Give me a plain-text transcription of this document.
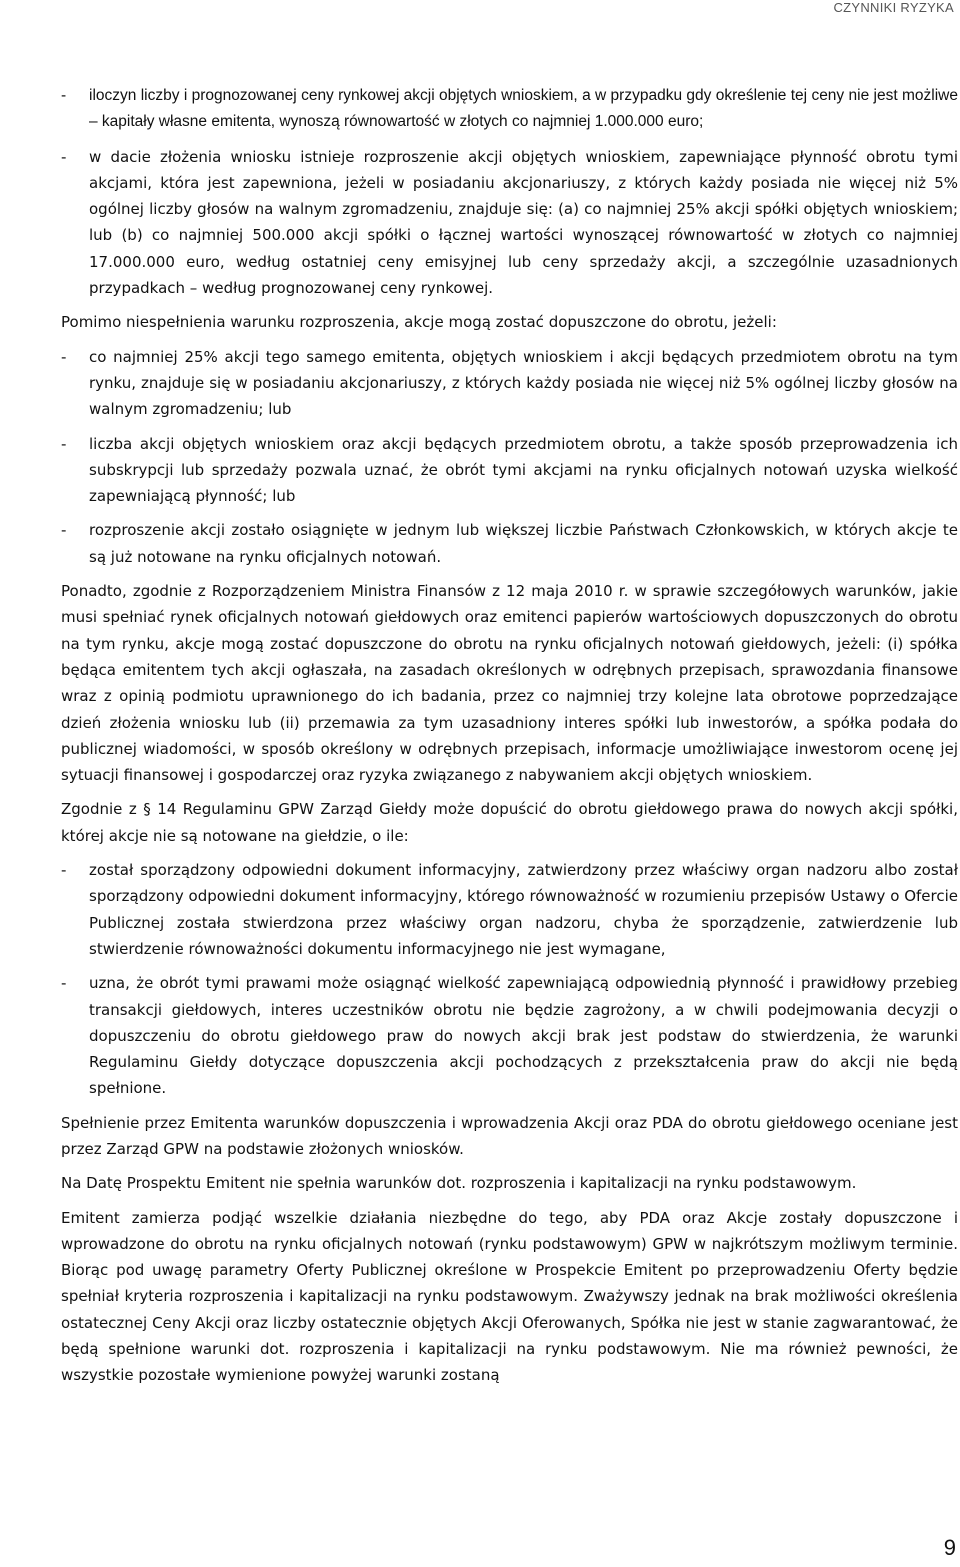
CZYNNIKI RYZYKA
- iloczyn liczby i prognozowanej ceny rynkowej akcji objętych wnioskiem, a w przypadku gdy określenie tej ceny nie jest możliwe – kapitały własne emitenta, wynoszą równowartość w złotych co najmniej 1.000.000 euro;
- w dacie złożenia wniosku istnieje rozproszenie akcji objętych wnioskiem, zapewniające płynność obrotu tymi akcjami, która jest zapewniona, jeżeli w posiadaniu akcjonariuszy, z których każdy posiada nie więcej niż 5% ogólnej liczby głosów na walnym zgromadzeniu, znajduje się: (a) co najmniej 25% akcji spółki objętych wnioskiem; lub (b) co najmniej 500.000 akcji spółki o łącznej wartości wynoszącej równowartość w złotych co najmniej 17.000.000 euro, według ostatniej ceny emisyjnej lub ceny sprzedaży akcji, a szczególnie uzasadnionych przypadkach – według prognozowanej ceny rynkowej.

Pomimo niespełnienia warunku rozproszenia, akcje mogą zostać dopuszczone do obrotu, jeżeli:

- co najmniej 25% akcji tego samego emitenta, objętych wnioskiem i akcji będących przedmiotem obrotu na tym rynku, znajduje się w posiadaniu akcjonariuszy, z których każdy posiada nie więcej niż 5% ogólnej liczby głosów na walnym zgromadzeniu; lub
- liczba akcji objętych wnioskiem oraz akcji będących przedmiotem obrotu, a także sposób przeprowadzenia ich subskrypcji lub sprzedaży pozwala uznać, że obrót tymi akcjami na rynku oficjalnych notowań uzyska wielkość zapewniającą płynność; lub
- rozproszenie akcji zostało osiągnięte w jednym lub większej liczbie Państwach Członkowskich, w których akcje te są już notowane na rynku oficjalnych notowań.

Ponadto, zgodnie z Rozporządzeniem Ministra Finansów z 12 maja 2010 r. w sprawie szczegółowych warunków, jakie musi spełniać rynek oficjalnych notowań giełdowych oraz emitenci papierów wartościowych dopuszczonych do obrotu na tym rynku, akcje mogą zostać dopuszczone do obrotu na rynku oficjalnych notowań giełdowych, jeżeli: (i) spółka będąca emitentem tych akcji ogłaszała, na zasadach określonych w odrębnych przepisach, sprawozdania finansowe wraz z opinią podmiotu uprawnionego do ich badania, przez co najmniej trzy kolejne lata obrotowe poprzedzające dzień złożenia wniosku lub (ii) przemawia za tym uzasadniony interes spółki lub inwestorów, a spółka podała do publicznej wiadomości, w sposób określony w odrębnych przepisach, informacje umożliwiające inwestorom ocenę jej sytuacji finansowej i gospodarczej oraz ryzyka związanego z nabywaniem akcji objętych wnioskiem.

Zgodnie z § 14 Regulaminu GPW Zarząd Giełdy może dopuścić do obrotu giełdowego prawa do nowych akcji spółki, której akcje nie są notowane na giełdzie, o ile:

- został sporządzony odpowiedni dokument informacyjny, zatwierdzony przez właściwy organ nadzoru albo został sporządzony odpowiedni dokument informacyjny, którego równoważność w rozumieniu przepisów Ustawy o Ofercie Publicznej została stwierdzona przez właściwy organ nadzoru, chyba że sporządzenie, zatwierdzenie lub stwierdzenie równoważności dokumentu informacyjnego nie jest wymagane,
- uzna, że obrót tymi prawami może osiągnąć wielkość zapewniającą odpowiednią płynność i prawidłowy przebieg transakcji giełdowych, interes uczestników obrotu nie będzie zagrożony, a w chwili podejmowania decyzji o dopuszczeniu do obrotu giełdowego praw do nowych akcji brak jest podstaw do stwierdzenia, że warunki Regulaminu Giełdy dotyczące dopuszczenia akcji pochodzących z przekształcenia praw do akcji nie będą spełnione.

Spełnienie przez Emitenta warunków dopuszczenia i wprowadzenia Akcji oraz PDA do obrotu giełdowego oceniane jest przez Zarząd GPW na podstawie złożonych wniosków.

Na Datę Prospektu Emitent nie spełnia warunków dot. rozproszenia i kapitalizacji na rynku podstawowym.

Emitent zamierza podjąć wszelkie działania niezbędne do tego, aby PDA oraz Akcje zostały dopuszczone i wprowadzone do obrotu na rynku oficjalnych notowań (rynku podstawowym) GPW w najkrótszym możliwym terminie. Biorąc pod uwagę parametry Oferty Publicznej określone w Prospekcie Emitent po przeprowadzeniu Oferty będzie spełniał kryteria rozproszenia i kapitalizacji na rynku podstawowym. Zważywszy jednak na brak możliwości określenia ostatecznej Ceny Akcji oraz liczby ostatecznie objętych Akcji Oferowanych, Spółka nie jest w stanie zagwarantować, że będą spełnione warunki dot. rozproszenia i kapitalizacji na rynku podstawowym. Nie ma również pewności, że wszystkie pozostałe wymienione powyżej warunki zostaną

9
